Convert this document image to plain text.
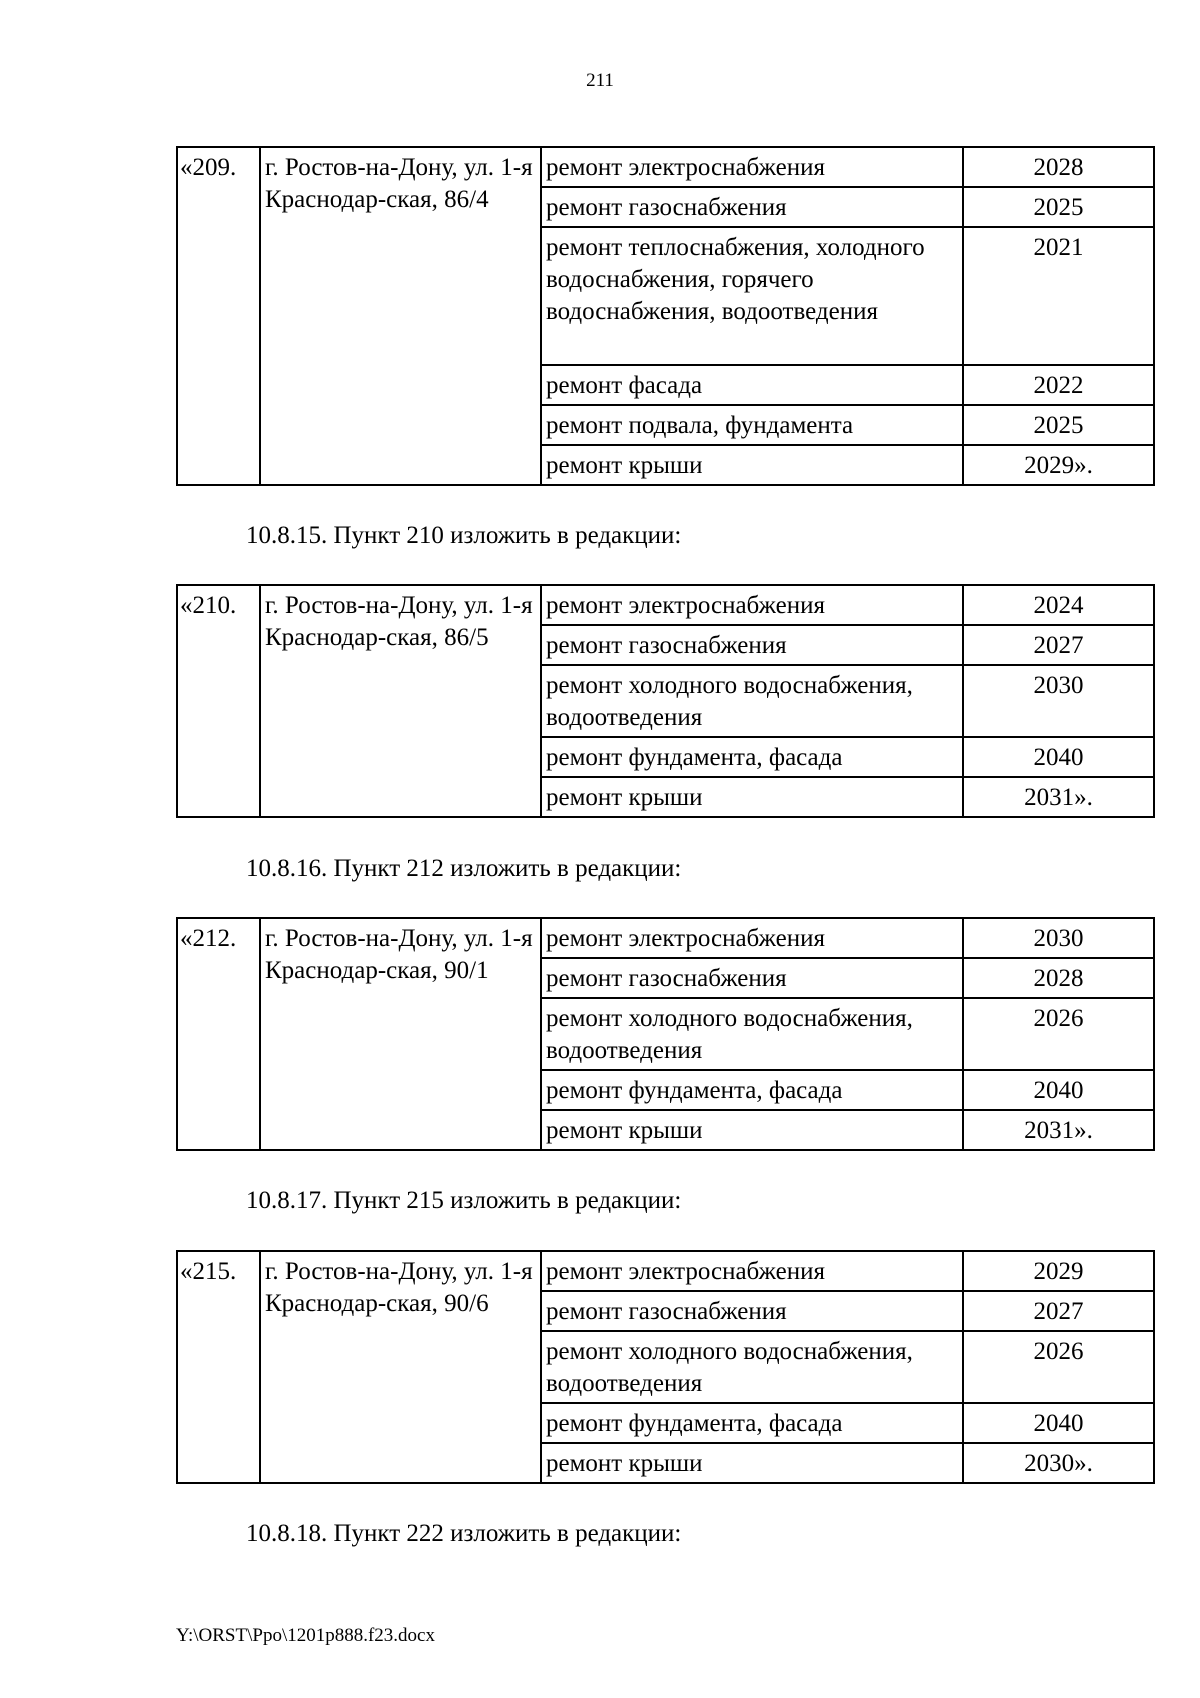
211
«209.	г. Ростов-на-Дону, ул. 1-я Краснодар-ская, 86/4	ремонт электроснабжения	2028
		ремонт газоснабжения	2025
		ремонт теплоснабжения, холодного водоснабжения, горячего водоснабжения, водоотведения	2021
		ремонт фасада	2022
		ремонт подвала, фундамента	2025
		ремонт крыши	2029».
10.8.15. Пункт 210 изложить в редакции:
«210.	г. Ростов-на-Дону, ул. 1-я Краснодар-ская, 86/5	ремонт электроснабжения	2024
		ремонт газоснабжения	2027
		ремонт холодного водоснабжения, водоотведения	2030
		ремонт фундамента, фасада	2040
		ремонт крыши	2031».
10.8.16. Пункт 212 изложить в редакции:
«212.	г. Ростов-на-Дону, ул. 1-я Краснодар-ская, 90/1	ремонт электроснабжения	2030
		ремонт газоснабжения	2028
		ремонт холодного водоснабжения, водоотведения	2026
		ремонт фундамента, фасада	2040
		ремонт крыши	2031».
10.8.17. Пункт 215 изложить в редакции:
«215.	г. Ростов-на-Дону, ул. 1-я Краснодар-ская, 90/6	ремонт электроснабжения	2029
		ремонт газоснабжения	2027
		ремонт холодного водоснабжения, водоотведения	2026
		ремонт фундамента, фасада	2040
		ремонт крыши	2030».
10.8.18. Пункт 222 изложить в редакции:
Y:\ORST\Ppo\1201p888.f23.docx
